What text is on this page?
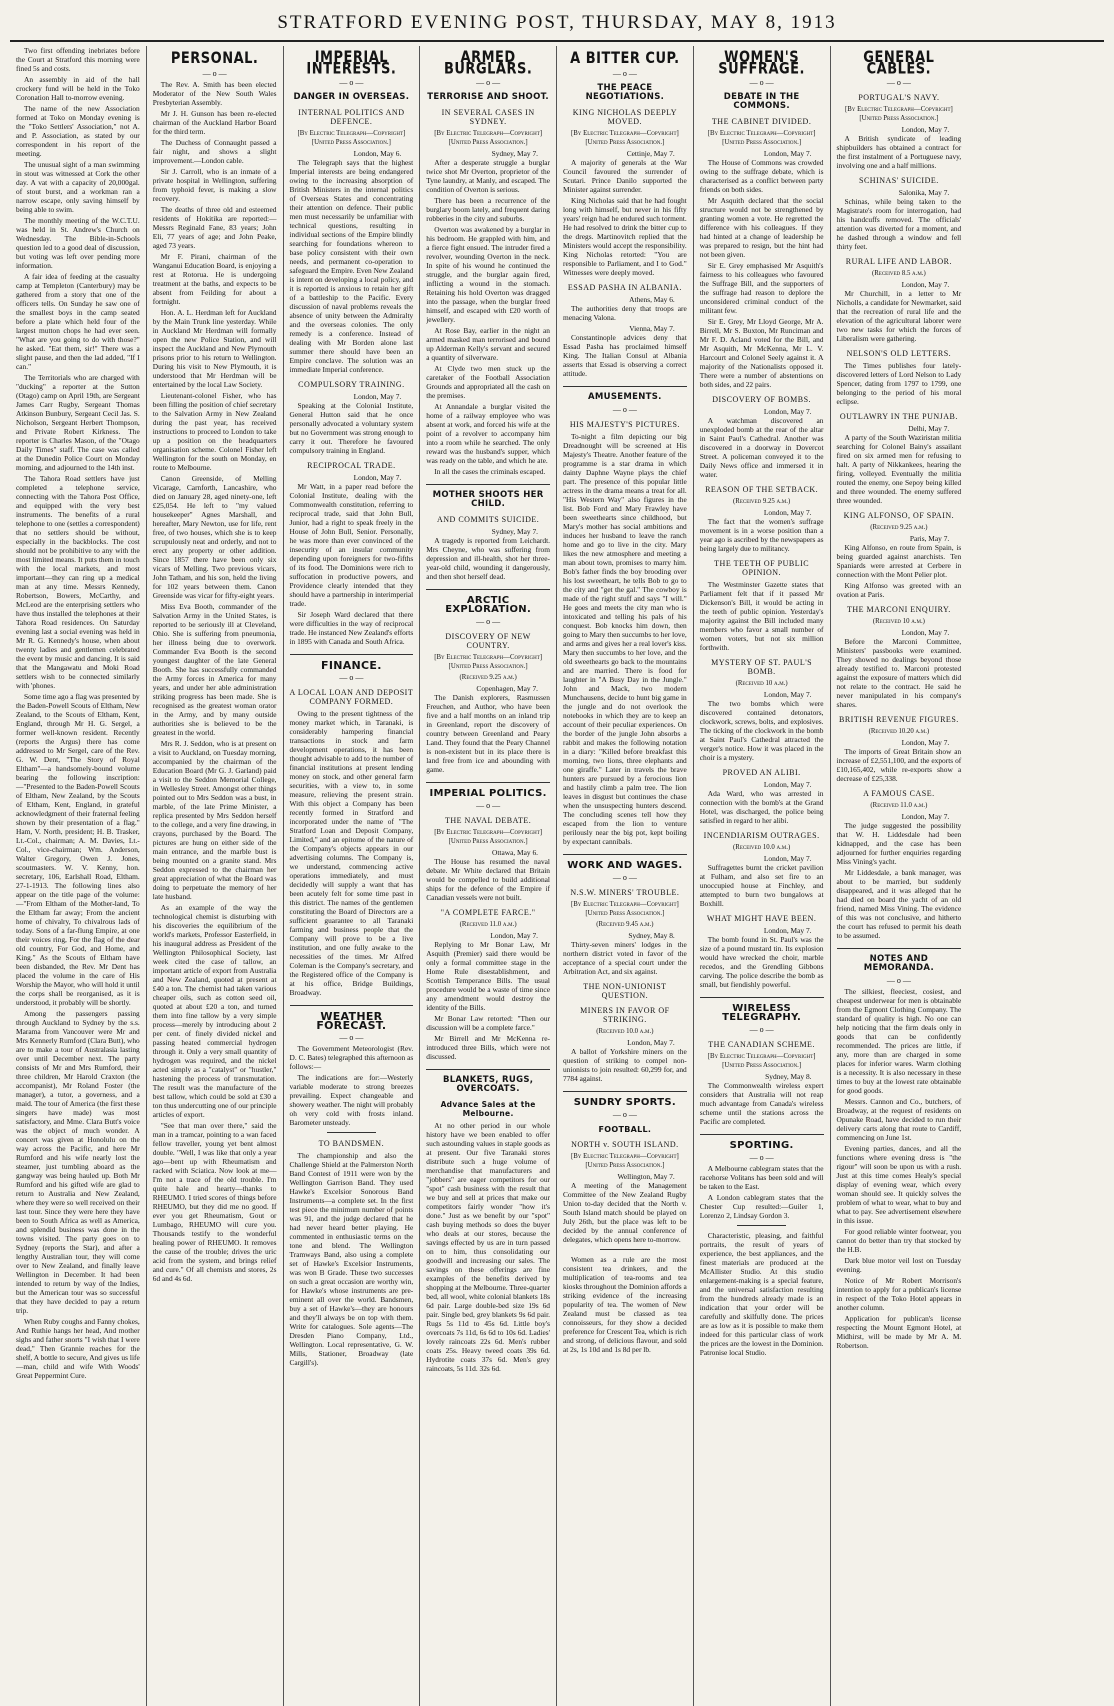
STRATFORD EVENING POST, THURSDAY, MAY 8, 1913

Two first offending inebriates before the Court at Stratford this morning were fined 5s and costs.

An assembly in aid of the hall crockery fund will be held in the Toko Coronation Hall to-morrow evening.

The name of the new Association formed at Toko on Monday evening is the "Toko Settlers' Association," not A. and P. Association, as stated by our correspondent in his report of the meeting.

The unusual sight of a man swimming in stout was witnessed at Cork the other day. A vat with a capacity of 20,000gal. of stout burst, and a workman ran a narrow escape, only saving himself by being able to swim.

The monthly meeting of the W.C.T.U. was held in St. Andrew's Church on Wednesday. The Bible-in-Schools question led to a good deal of discussion, but voting was left over pending more information.

A fair idea of feeding at the casualty camp at Templeton (Canterbury) may be gathered from a story that one of the officers tells. On Sunday he saw one of the smallest boys in the camp seated before a plate which held four of the largest mutton chops he had ever seen. "What are you going to do with those?" he asked. "Eat them, sir!" There was a slight pause, and then the lad added, "If I can."

The Territorials who are charged with "ducking" a reporter at the Sutton (Otago) camp on April 19th, are Sergeant James Carr Rugby, Sergeant Thomas Atkinson Bunbury, Sergeant Cecil Jas. S. Nicholson, Sergeant Herbert Thompson, and Private Robert Kirkness. The reporter is Charles Mason, of the "Otago Daily Times" staff. The case was called at the Dunedin Police Court on Monday morning, and adjourned to the 14th inst.

The Tahora Road settlers have just completed a telephone service, connecting with the Tahora Post Office, and equipped with the very best instruments. The benefits of a rural telephone to one (settles a correspondent) that no settlers should be without, especially in the backblocks. The cost should not be prohibitive to any with the most limited means. It puts them in touch with the local markets, and most important—they can ring up a medical man at any time. Messrs Kennedy, Robertson, Bowers, McCarthy, and McLeod are the enterprising settlers who have thus installed the telephones at their Tahora Road residences. On Saturday evening last a social evening was held in Mr R. G. Kennedy's house, when about twenty ladies and gentlemen celebrated the event by music and dancing. It is said that the Mangawatu and Moki Road settlers wish to be connected similarly with 'phones.

Some time ago a flag was presented by the Baden-Powell Scouts of Eltham, New Zealand, to the Scouts of Eltham, Kent, England, through Mr H. G. Sergel, a former well-known resident. Recently (reports the Argus) there has come addressed to Mr Sergel, care of the Rev. G. W. Dent, "The Story of Royal Eltham"—a handsomely-bound volume bearing the following inscription:—"Presented to the Baden-Powell Scouts of Eltham, New Zealand, by the Scouts of Eltham, Kent, England, in grateful acknowledgment of their fraternal feeling shown by their presentation of a flag." Ham, V. North, president; H. B. Trasker, Lt.-Col., chairman; A. M. Davies, Lt.-Col., vice-chairman; Wm. Anderson, Walter Gregory, Owen J. Jones, scoutmasters. W. V. Kenny, hon. secretary, 106, Earlshall Road, Eltham. 27-1-1913. The following lines also appear on the title page of the volume:—"From Eltham of the Mother-land, To the Eltham far away; From the ancient home of chivalry, To chivalrous lads of today. Sons of a far-flung Empire, at one their voices ring, For the flag of the dear old country, For God, and Home, and King." As the Scouts of Eltham have been disbanded, the Rev. Mr Dent has placed the volume in the care of His Worship the Mayor, who will hold it until the corps shall be reorganised, as it is understood, it probably will be shortly.

Among the passengers passing through Auckland to Sydney by the s.s. Marama from Vancouver were Mr and Mrs Kennerly Rumford (Clara Butt), who are to make a tour of Australasia lasting over until December next. The party consists of Mr and Mrs Rumford, their three children, Mr Harold Craxton (the accompanist), Mr Roland Foster (the manager), a tutor, a governess, and a maid. The tour of America (the first these singers have made) was most satisfactory, and Mme. Clara Butt's voice was the object of much wonder. A concert was given at Honolulu on the way across the Pacific, and here Mr Rumford and his wife nearly lost the steamer, just tumbling aboard as the gangway was being hauled up. Both Mr Rumford and his gifted wife are glad to return to Australia and New Zealand, where they were so well received on their last tour. Since they were here they have been to South Africa as well as America, and splendid business was done in the towns visited. The party goes on to Sydney (reports the Star), and after a lengthy Australian tour, they will come over to New Zealand, and finally leave Wellington in December. It had been intended to return by way of the Indies, but the American tour was so successful that they have decided to pay a return trip.

When Ruby coughs and Fanny chokes, And Ruthie hangs her head, And mother sighs and father snorts "I wish that I were dead," Then Grannie reaches for the shelf, A bottle to secure, And gives us life—man, child and wife With Woods' Great Peppermint Cure.

PERSONAL.
— o —

The Rev. A. Smith has been elected Moderator of the New South Wales Presbyterian Assembly.

Mr J. H. Gunson has been re-elected chairman of the Auckland Harbor Board for the third term.

The Duchess of Connaught passed a fair night, and shows a slight improvement.—London cable.

Sir J. Carroll, who is an inmate of a private hospital in Wellington, suffering from typhoid fever, is making a slow recovery.

The deaths of three old and esteemed residents of Hokitika are reported:—Messrs Reginald Fane, 83 years; John Eli, 77 years of age; and John Peake, aged 73 years.

Mr F. Pirani, chairman of the Wanganui Education Board, is enjoying a rest at Rotorua. He is undergoing treatment at the baths, and expects to be absent from Feilding for about a fortnight.

Hon. A. L. Herdman left for Auckland by the Main Trunk line yesterday. While in Auckland Mr Herdman will formally open the new Police Station, and will inspect the Auckland and New Plymouth prisons prior to his return to Wellington. During his visit to New Plymouth, it is understood that Mr Herdman will be entertained by the local Law Society.

Lieutenant-colonel Fisher, who has been filling the position of chief secretary to the Salvation Army in New Zealand during the past year, has received instructions to proceed to London to take up a position on the headquarters organisation scheme. Colonel Fisher left Wellington for the south on Monday, en route to Melbourne.

Canon Greenside, of Melling Vicarage, Carnforth, Lancashire, who died on January 28, aged ninety-one, left £25,054. He left to "my valued housekeeper" Agnes Marshall, and hereafter, Mary Newton, use for life, rent free, of two houses, which she is to keep scrupulously neat and orderly, and not to erect any property or other addition. Since 1857 there have been only six vicars of Melling. Two previous vicars, John Tatham, and his son, held the living for 102 years between them. Canon Greenside was vicar for fifty-eight years.

Miss Eva Booth, commander of the Salvation Army in the United States, is reported to be seriously ill at Cleveland, Ohio. She is suffering from pneumonia, her illness being due to overwork. Commander Eva Booth is the second youngest daughter of the late General Booth. She has successfully commanded the Army forces in America for many years, and under her able administration striking progress has been made. She is recognised as the greatest woman orator in the Army, and by many outside authorities she is believed to be the greatest in the world.

Mrs R. J. Seddon, who is at present on a visit to Auckland, on Tuesday morning, accompanied by the chairman of the Education Board (Mr G. J. Garland) paid a visit to the Seddon Memorial College, in Wellesley Street. Amongst other things pointed out to Mrs Seddon was a bust, in marble, of the late Prime Minister, a replica presented by Mrs Seddon herself to the college, and a very fine drawing, in crayons, purchased by the Board. The pictures are hung on either side of the main entrance, and the marble bust is being mounted on a granite stand. Mrs Seddon expressed to the chairman her great appreciation of what the Board was doing to perpetuate the memory of her late husband.

As an example of the way the technological chemist is disturbing with his discoveries the equilibrium of the world's markets, Professor Easterfield, in his inaugural address as President of the Wellington Philosophical Society, last week cited the case of tallow, an important article of export from Australia and New Zealand, quoted at present at £40 a ton. The chemist had taken various cheaper oils, such as cotton seed oil, quoted at about £20 a ton, and turned them into fine tallow by a very simple process—merely by introducing about 2 per cent. of finely divided nickel and passing heated commercial hydrogen through it. Only a very small quantity of hydrogen was required, and the nickel acted simply as a "catalyst" or "hustler," hastening the process of transmutation. The result was the manufacture of the best tallow, which could be sold at £30 a ton thus undercutting one of our principle articles of export.

"See that man over there," said the man in a tramcar, pointing to a wan faced fellow traveller, young yet bent almost double. "Well, I was like that only a year ago—bent up with Rheumatism and racked with Sciatica. Now look at me—I'm not a trace of the old trouble. I'm quite hale and hearty—thanks to RHEUMO. I tried scores of things before RHEUMO, but they did me no good. If ever you get Rheumatism, Gout or Lumbago, RHEUMO will cure you. Thousands testify to the wonderful healing power of RHEUMO. It removes the cause of the trouble; drives the uric acid from the system, and brings relief and cure." Of all chemists and stores, 2s 6d and 4s 6d.

IMPERIAL INTERESTS.
— o —
DANGER IN OVERSEAS.
INTERNAL POLITICS AND DEFENCE.
[By Electric Telegraph—Copyright] [United Press Association.]
London, May 6.

The Telegraph says that the highest Imperial interests are being endangered owing to the increasing absorption of British Ministers in the internal politics of Overseas States and concentrating their attention on defence. Their public men must necessarily be unfamiliar with technical questions, resulting in individual sections of the Empire blindly searching for foundations whereon to base policy consistent with their own needs, and permanent co-operation to safeguard the Empire. Even New Zealand is intent on developing a local policy, and it is reported is anxious to retain her gift of a battleship to the Pacific. Every discussion of naval problems reveals the absence of unity between the Admiralty and the overseas colonies. The only remedy is a conference. Instead of dealing with Mr Borden alone last summer there should have been an Empire conclave. The solution was an immediate Imperial conference.

COMPULSORY TRAINING.
London, May 7.

Speaking at the Colonial Institute, General Hutton said that he once personally advocated a voluntary system but no Government was strong enough to carry it out. Therefore he favoured compulsory training in England.

RECIPROCAL TRADE.
London, May 7.

Mr Watt, in a paper read before the Colonial Institute, dealing with the Commonwealth constitution, referring to reciprocal trade, said that John Bull, Junior, had a right to speak freely in the House of John Bull, Senior. Personally, he was more than ever convinced of the insecurity of an insular community depending upon foreigners for two-fifths of its food. The Dominions were rich to suffocation in productive powers, and Providence clearly intended that they should have a partnership in interimperial trade.

Sir Joseph Ward declared that there were difficulties in the way of reciprocal trade. He instanced New Zealand's efforts in 1895 with Canada and South Africa.

FINANCE.
— o —
A LOCAL LOAN AND DEPOSIT COMPANY FORMED.

Owing to the present tightness of the money market which, in Taranaki, is considerably hampering financial transactions in stock and farm development operations, it has been thought advisable to add to the number of financial institutions at present lending money on stock, and other general farm securities, with a view to, in some measure, relieving the present strain. With this object a Company has been recently formed in Stratford and incorporated under the name of "The Stratford Loan and Deposit Company, Limited," and an epitome of the nature of the Company's objects appears in our advertising columns. The Company is, we understand, commencing active operations immediately, and must decidedly will supply a want that has been acutely felt for some time past in this district. The names of the gentlemen constituting the Board of Directors are a sufficient guarantee to all Taranaki farming and business people that the Company will prove to be a live institution, and one fully awake to the necessities of the times. Mr Alfred Coleman is the Company's secretary, and the Registered office of the Company is at his office, Bridge Buildings, Broadway.

WEATHER FORECAST.
— o —

The Government Meteorologist (Rev. D. C. Bates) telegraphed this afternoon as follows:—

The indications are for:—Westerly variable moderate to strong breezes prevailing. Expect changeable and showery weather. The night will probably oh very cold with frosts inland. Barometer unsteady.

TO BANDSMEN.

The championship and also the Challenge Shield at the Palmerston North Band Contest of 1911 were won by the Wellington Garrison Band. They used Hawke's Excelsior Sonorous Band Instruments—a complete set. In the first test piece the minimum number of points was 91, and the judge declared that he had never heard better playing. He commented in enthusiastic terms on the tone and blend. The Wellington Tramways Band, also using a complete set of Hawke's Excelsior Instruments, was won B Grade. These two successes on such a great occasion are worthy win, for Hawke's whose instruments are pre-eminent all over the world. Bandsmen, buy a set of Hawke's—they are honours and they'll always be on top with them. Write for catalogues. Sole agents—The Dresden Piano Company, Ltd., Wellington. Local representative, G. W. Mills, Stationer, Broadway (late Cargill's).

ARMED BURGLARS.
— o —
TERRORISE AND SHOOT.
IN SEVERAL CASES IN SYDNEY.
[By Electric Telegraph—Copyright] [United Press Association.]
Sydney, May 7.

After a desperate struggle a burglar twice shot Mr Overton, proprietor of the Tyne laundry, at Manly, and escaped. The condition of Overton is serious.

There has been a recurrence of the burglary boom lately, and frequent daring robberies in the city and suburbs.

Overton was awakened by a burglar in his bedroom. He grappled with him, and a fierce fight ensued. The intruder fired a revolver, wounding Overton in the neck. In spite of his wound he continued the struggle, and the burglar again fired, inflicting a wound in the stomach. Retaining his hold Overton was dragged into the passage, when the burglar freed himself, and escaped with £20 worth of jewellery.

At Rose Bay, earlier in the night an armed masked man terrorised and bound up Alderman Kelly's servant and secured a quantity of silverware.

At Clyde two men stuck up the caretaker of the Football Association Grounds and appropriated all the cash on the premises.

At Annandale a burglar visited the home of a railway employee who was absent at work, and forced his wife at the point of a revolver to accompany him into a room while he searched. The only reward was the husband's supper, which was ready on the table, and which he ate.

In all the cases the criminals escaped.

MOTHER SHOOTS HER CHILD.
AND COMMITS SUICIDE.
Sydney, May 7.

A tragedy is reported from Leichardt. Mrs Cheyne, who was suffering from depression and ill-health, shot her three-year-old child, wounding it dangerously, and then shot herself dead.

ARCTIC EXPLORATION.
— o —
DISCOVERY OF NEW COUNTRY.
[By Electric Telegraph—Copyright] [United Press Association.]
(Received 9.25 a.m.)
Copenhagen, May 7.

The Danish explorers, Rasmussen Freuchen, and Author, who have been five and a half months on an inland trip in Greenland, report the discovery of country between Greenland and Peary Land. They found that the Peary Channel is non-existent but in its place there is land free from ice and abounding with game.

IMPERIAL POLITICS.
— o —
THE NAVAL DEBATE.
[By Electric Telegraph—Copyright] [United Press Association.]
Ottawa, May 6.

The House has resumed the naval debate. Mr White declared that Britain would be compelled to build additional ships for the defence of the Empire if Canadian vessels were not built.

"A COMPLETE FARCE."
(Received 11.0 a.m.)
London, May 7.

Replying to Mr Bonar Law, Mr Asquith (Premier) said there would be only a formal committee stage in the Home Rule disestablishment, and Scottish Temperance Bills. The usual procedure would be a waste of time since any amendment would destroy the identity of the Bills.

Mr Bonar Law retorted: "Then our discussion will be a complete farce."

Mr Birrell and Mr McKenna re-introduced three Bills, which were not discussed.

BLANKETS, RUGS, OVERCOATS.
Advance Sales at the Melbourne.

At no other period in our whole history have we been enabled to offer such astounding values in staple goods as at present. Our five Taranaki stores distribute such a huge volume of merchandise that manufacturers and "jobbers" are eager competitors for our "spot" cash business with the result that we buy and sell at prices that make our competitors fairly wonder "how it's done." Just as we benefit by our "spot" cash buying methods so does the buyer who deals at our stores, because the savings effected by us are in turn passed on to him, thus consolidating our goodwill and increasing our sales. The savings on these offerings are fine examples of the benefits derived by shopping at the Melbourne. Three-quarter bed, all wool, white colonial blankets 18s 6d pair. Large double-bed size 19s 6d pair. Single bed, grey blankets 9s 6d pair. Rugs 5s 11d to 45s 6d. Little boy's overcoats 7s 11d, 6s 6d to 10s 6d. Ladies' lovely raincoats 22s 6d. Men's rubber coats 25s. Heavy tweed coats 39s 6d. Hydrotite coats 37s 6d. Men's grey raincoats, 5s 11d. 32s 6d.

A BITTER CUP.
— o —
THE PEACE NEGOTIATIONS.
KING NICHOLAS DEEPLY MOVED.
[By Electric Telegraph—Copyright] [United Press Association.]
Cettinje, May 7.

A majority of generals at the War Council favoured the surrender of Scutari. Prince Danilo supported the Minister against surrender.

King Nicholas said that he had fought long with himself, but never in his fifty years' reign had he endured such torment. He had resolved to drink the bitter cup to the dregs. Martinovitch replied that the Ministers would accept the responsibility. King Nicholas retorted: "You are responsible to Parliament, and I to God." Witnesses were deeply moved.

ESSAD PASHA IN ALBANIA.
Athens, May 6.

The authorities deny that troops are menacing Valona.

Vienna, May 7.

Constantinople advices deny that Essad Pasha has proclaimed himself King. The Italian Consul at Albania asserts that Essad is observing a correct attitude.

AMUSEMENTS.
— o —
HIS MAJESTY'S PICTURES.

To-night a film depicting our big Dreadnought will be screened at His Majesty's Theatre. Another feature of the programme is a star drama in which dainty Daphne Wayne plays the chief part. The presence of this popular little actress in the drama means a treat for all. "His Western Way" also figures in the list. Bob Ford and Mary Frawley have been sweethearts since childhood, but Mary's mother has social ambitions and induces her husband to leave the ranch home and go to live in the city. Mary likes the new atmosphere and meeting a man about town, promises to marry him. Bob's father finds the boy brooding over his lost sweetheart, he tells Bob to go to the city and "get the gal." The cowboy is made of the right stuff and says "I will." He goes and meets the city man who is intoxicated and telling his pals of his conquest. Bob knocks him down, then going to Mary then succumbs to her love, and arms and gives her a real lover's kiss. Mary then succumbs to her love, and the old sweethearts go back to the mountains and are married. There is food for laughter in "A Busy Day in the Jungle." John and Mack, two modern Munchausens, decide to hunt big game in the jungle and do not overlook the notebooks in which they are to keep an account of their peculiar experiences. On the border of the jungle John absorbs a rabbit and makes the following notation in a diary: "Killed before breakfast this morning, two lions, three elephants and one giraffe." Later in travels the brave hunters are pursued by a ferocious lion and hastily climb a palm tree. The lion leaves in disgust but continues the chase when the unsuspecting hunters descend. The concluding scenes tell how they escaped from the lion to venture perilously near the big pot, kept boiling by expectant cannibals.

WORK AND WAGES.
— o —
N.S.W. MINERS' TROUBLE.
[By Electric Telegraph—Copyright] [United Press Association.]
(Received 9.45 a.m.)
Sydney, May 8.

Thirty-seven miners' lodges in the northern district voted in favor of the acceptance of a special court under the Arbitration Act, and six against.

THE NON-UNIONIST QUESTION.
MINERS IN FAVOR OF STRIKING.
(Received 10.0 a.m.)
London, May 7.

A ballot of Yorkshire miners on the question of striking to compel non-unionists to join resulted: 60,299 for, and 7784 against.

SUNDRY SPORTS.
— o —
FOOTBALL.
NORTH v. SOUTH ISLAND.
[By Electric Telegraph—Copyright] [United Press Association.]
Wellington, May 7.

A meeting of the Management Committee of the New Zealand Rugby Union to-day decided that the North v. South Island match should be played on July 26th, but the place was left to be decided by the annual conference of delegates, which opens here to-morrow.

Women as a rule are the most consistent tea drinkers, and the multiplication of tea-rooms and tea kiosks throughout the Dominion affords a striking evidence of the increasing popularity of tea. The women of New Zealand must be classed as tea connoisseurs, for they show a decided preference for Crescent Tea, which is rich and strong, of delicious flavour, and sold at 2s, 1s 10d and 1s 8d per lb.

WOMEN'S SUFFRAGE.
— o —
DEBATE IN THE COMMONS.
THE CABINET DIVIDED.
[By Electric Telegraph—Copyright] [United Press Association.]
London, May 7.

The House of Commons was crowded owing to the suffrage debate, which is characterised as a conflict between party friends on both sides.

Mr Asquith declared that the social structure would not be strengthened by granting women a vote. He regretted the difference with his colleagues. If they had hinted at a change of leadership he was prepared to resign, but the hint had not been given.

Sir E. Grey emphasised Mr Asquith's fairness to his colleagues who favoured the Suffrage Bill, and the supporters of the suffrage had reason to deplore the unconsidered criminal conduct of the militant few.

Sir E. Grey, Mr Lloyd George, Mr A. Birrell, Mr S. Buxton, Mr Runciman and Mr F. D. Acland voted for the Bill, and Mr Asquith, Mr McKenna, Mr L. V. Harcourt and Colonel Seely against it. A majority of the Nationalists opposed it. There were a number of abstentions on both sides, and 22 pairs.

DISCOVERY OF BOMBS.
London, May 7.

A watchman discovered an unexploded bomb at the rear of the altar in Saint Paul's Cathedral. Another was discovered in a doorway in Dovercot Street. A policeman conveyed it to the Daily News office and immersed it in water.

REASON OF THE SETBACK.
(Received 9.25 a.m.)
London, May 7.

The fact that the women's suffrage movement is in a worse position than a year ago is ascribed by the newspapers as being largely due to militancy.

THE TEETH OF PUBLIC OPINION.

The Westminster Gazette states that Parliament felt that if it passed Mr Dickenson's Bill, it would be acting in the teeth of public opinion. Yesterday's majority against the Bill included many members who favor a small number of women voters, but not six million forthwith.

MYSTERY OF ST. PAUL'S BOMB.
(Received 10 a.m.)
London, May 7.

The two bombs which were discovered contained detonators, clockwork, screws, bolts, and explosives. The ticking of the clockwork in the bomb at Saint Paul's Cathedral attracted the verger's notice. How it was placed in the choir is a mystery.

PROVED AN ALIBI.
London, May 7.

Ada Ward, who was arrested in connection with the bomb's at the Grand Hotel, was discharged, the police being satisfied in regard to her alibi.

INCENDIARISM OUTRAGES.
(Received 10.0 a.m.)
London, May 7.

Suffragettes burnt the cricket pavilion at Fulham, and also set fire to an unoccupied house at Finchley, and attempted to burn two bungalows at Boxhill.

WHAT MIGHT HAVE BEEN.
London, May 7.

The bomb found in St. Paul's was the size of a pound mustard tin. Its explosion would have wrecked the choir, marble recedos, and the Grendling Gibbons carving. The police describe the bomb as small, but fiendishly powerful.

WIRELESS TELEGRAPHY.
— o —
THE CANADIAN SCHEME.
[By Electric Telegraph—Copyright] [United Press Association.]
Sydney, May 8.

The Commonwealth wireless expert considers that Australia will not reap much advantage from Canada's wireless scheme until the stations across the Pacific are completed.

SPORTING.
— o —

A Melbourne cablegram states that the racehorse Volitans has been sold and will be taken to the East.

A London cablegram states that the Chester Cup resulted:—Guiler 1, Lorenzo 2, Lindsay Gordon 3.

Characteristic, pleasing, and faithful portraits, the result of years of experience, the best appliances, and the finest materials are produced at the McAllister Studio. At this studio enlargement-making is a special feature, and the universal satisfaction resulting from the hundreds already made is an indication that your order will be carefully and skilfully done. The prices are as low as it is possible to make them indeed for this particular class of work the prices are the lowest in the Dominion. Patronise local Studio.

GENERAL CABLES.
— o —
PORTUGAL'S NAVY.
[By Electric Telegraph—Copyright] [United Press Association.]
London, May 7.

A British syndicate of leading shipbuilders has obtained a contract for the first instalment of a Portuguese navy, involving one and a half millions.

SCHINAS' SUICIDE.
Salonika, May 7.

Schinas, while being taken to the Magistrate's room for interrogation, had his handcuffs removed. The officials' attention was diverted for a moment, and he dashed through a window and fell thirty feet.

RURAL LIFE AND LABOR.
(Received 8.5 a.m.)
London, May 7.

Mr Churchill, in a letter to Mr Nicholls, a candidate for Newmarket, said that the recreation of rural life and the elevation of the agricultural laborer were two new tasks for which the forces of Liberalism were gathering.

NELSON'S OLD LETTERS.

The Times publishes four lately-discovered letters of Lord Nelson to Lady Spencer, dating from 1797 to 1799, one belonging to the period of his moral eclipse.

OUTLAWRY IN THE PUNJAB.
Delhi, May 7.

A party of the South Waziristan militia searching for Colonel Bainy's assailant fired on six armed men for refusing to halt. A party of Nikkankees, hearing the firing, volleyed. Eventually the militia routed the enemy, one Sepoy being killed and three wounded. The enemy suffered three wounded.

KING ALFONSO, OF SPAIN.
(Received 9.25 a.m.)
Paris, May 7.

King Alfonso, en route from Spain, is being guarded against anarchists. Ten Spaniards were arrested at Cerbere in connection with the Mont Pelier plot.

King Alfonso was greeted with an ovation at Paris.

THE MARCONI ENQUIRY.
(Received 10 a.m.)
London, May 7.

Before the Marconi Committee, Ministers' passbooks were examined. They showed no dealings beyond those already testified to. Marconi protested against the exposure of matters which did not relate to the contract. He said he never manipulated in his company's shares.

BRITISH REVENUE FIGURES.
(Received 10.20 a.m.)
London, May 7.

The imports of Great Britain show an increase of £2,551,100, and the exports of £10,165,402, while re-exports show a decrease of £25,338.

A FAMOUS CASE.
(Received 11.0 a.m.)
London, May 7.

The judge suggested the possibility that W. H. Liddesdale had been kidnapped, and the case has been adjourned for further enquiries regarding Miss Vining's yacht.

Mr Liddesdale, a bank manager, was about to be married, but suddenly disappeared, and it was alleged that he had died on board the yacht of an old friend, named Miss Vining. The evidence of this was not conclusive, and hitherto the court has refused to permit his death to be assumed.

NOTES AND MEMORANDA.
— o —

The silkiest, fleeciest, cosiest, and cheapest underwear for men is obtainable from the Egmont Clothing Company. The standard of quality is high. No one can help noticing that the firm deals only in goods that can be confidently recommended. The prices are little, if any, more than are charged in some places for inferior wares. Warm clothing is a necessity. It is also necessary in these times to buy at the lowest rate obtainable for good goods.

Messrs. Cannon and Co., butchers, of Broadway, at the request of residents on Opunake Road, have decided to run their delivery carts along that route to Cardiff, commencing on June 1st.

Evening parties, dances, and all the functions where evening dress is "the rigour" will soon be upon us with a rush. Just at this time comes Healy's special display of evening wear, which every woman should see. It quickly solves the problem of what to wear, what to buy and what to pay. See advertisement elsewhere in this issue.

For good reliable winter footwear, you cannot do better than try that stocked by the H.B.

Dark blue motor veil lost on Tuesday evening.

Notice of Mr Robert Morrison's intention to apply for a publican's license in respect of the Toko Hotel appears in another column.

Application for publican's license respecting the Mount Egmont Hotel, at Midhirst, will be made by Mr A. M. Robertson.
